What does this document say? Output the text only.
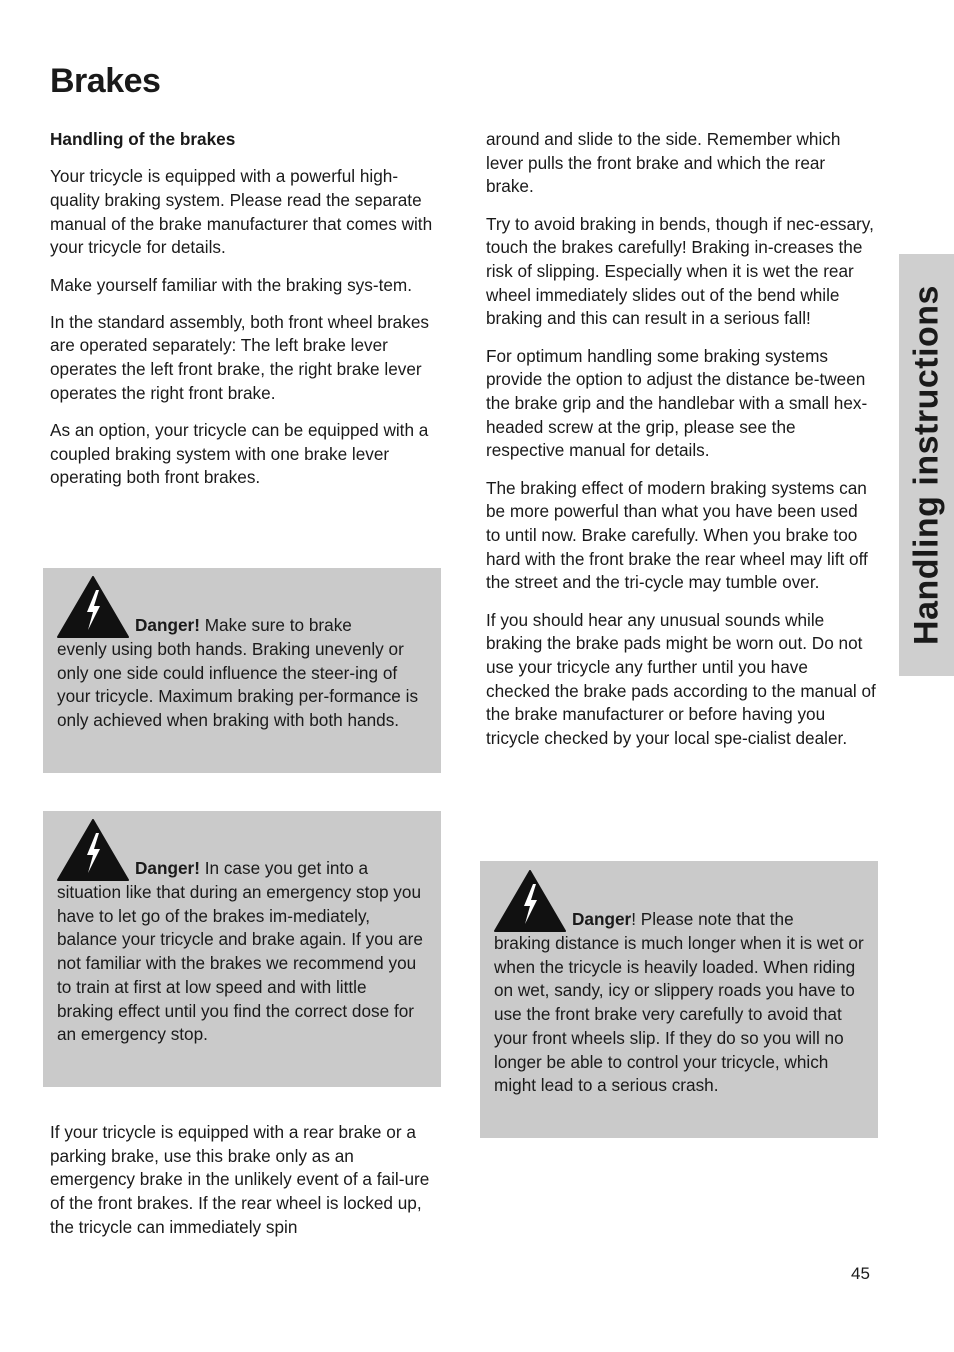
Brakes

Handling of the brakes

Your tricycle is equipped with a powerful high-quality braking system. Please read the separate manual of the brake manufacturer that comes with your tricycle for details.

Make yourself familiar with the braking sys-tem.

In the standard assembly, both front wheel brakes are operated separately: The left brake lever operates the left front brake, the right brake lever operates the right front brake.

As an option, your tricycle can be equipped with a coupled braking system with one brake lever operating both front brakes.

Danger! Make sure to brake

evenly using both hands. Braking unevenly or only one side could influence the steer-ing of your tricycle. Maximum braking per-formance is only achieved when braking with both hands.

Danger! In case you get into a

situation like that during an emergency stop you have to let go of the brakes im-mediately, balance your tricycle and brake again. If you are not familiar with the brakes we recommend you to train at first at low speed and with little braking effect until you find the correct dose for an emergency stop.

If your tricycle is equipped with a rear brake or a parking brake, use this brake only as an emergency brake in the unlikely event of a fail-ure of the front brakes. If the rear wheel is locked up, the tricycle can immediately spin

around and slide to the side. Remember which lever pulls the front brake and which the rear brake.

Try to avoid braking in bends, though if nec-essary, touch the brakes carefully! Braking in-creases the risk of slipping. Especially when it is wet the rear wheel immediately slides out of the bend while braking and this can result in a serious fall!

For optimum handling some braking systems provide the option to adjust the distance be-tween the brake grip and the handlebar with a small hex-headed screw at the grip, please see the respective manual for details.

The braking effect of modern braking systems can be more powerful than what you have been used to until now. Brake carefully. When you brake too hard with the front brake the rear wheel may lift off the street and the tri-cycle may tumble over.

If you should hear any unusual sounds while braking the brake pads might be worn out. Do not use your tricycle any further until you have checked the brake pads according to the manual of the brake manufacturer or before having you tricycle checked by your local spe-cialist dealer.

Danger! Please note that the

braking distance is much longer when it is wet or when the tricycle is heavily loaded. When riding on wet, sandy, icy or slippery roads you have to use the front brake very carefully to avoid that your front wheels slip. If they do so you will no longer be able to control your tricycle, which might lead to a serious crash.

Handling instructions
45
